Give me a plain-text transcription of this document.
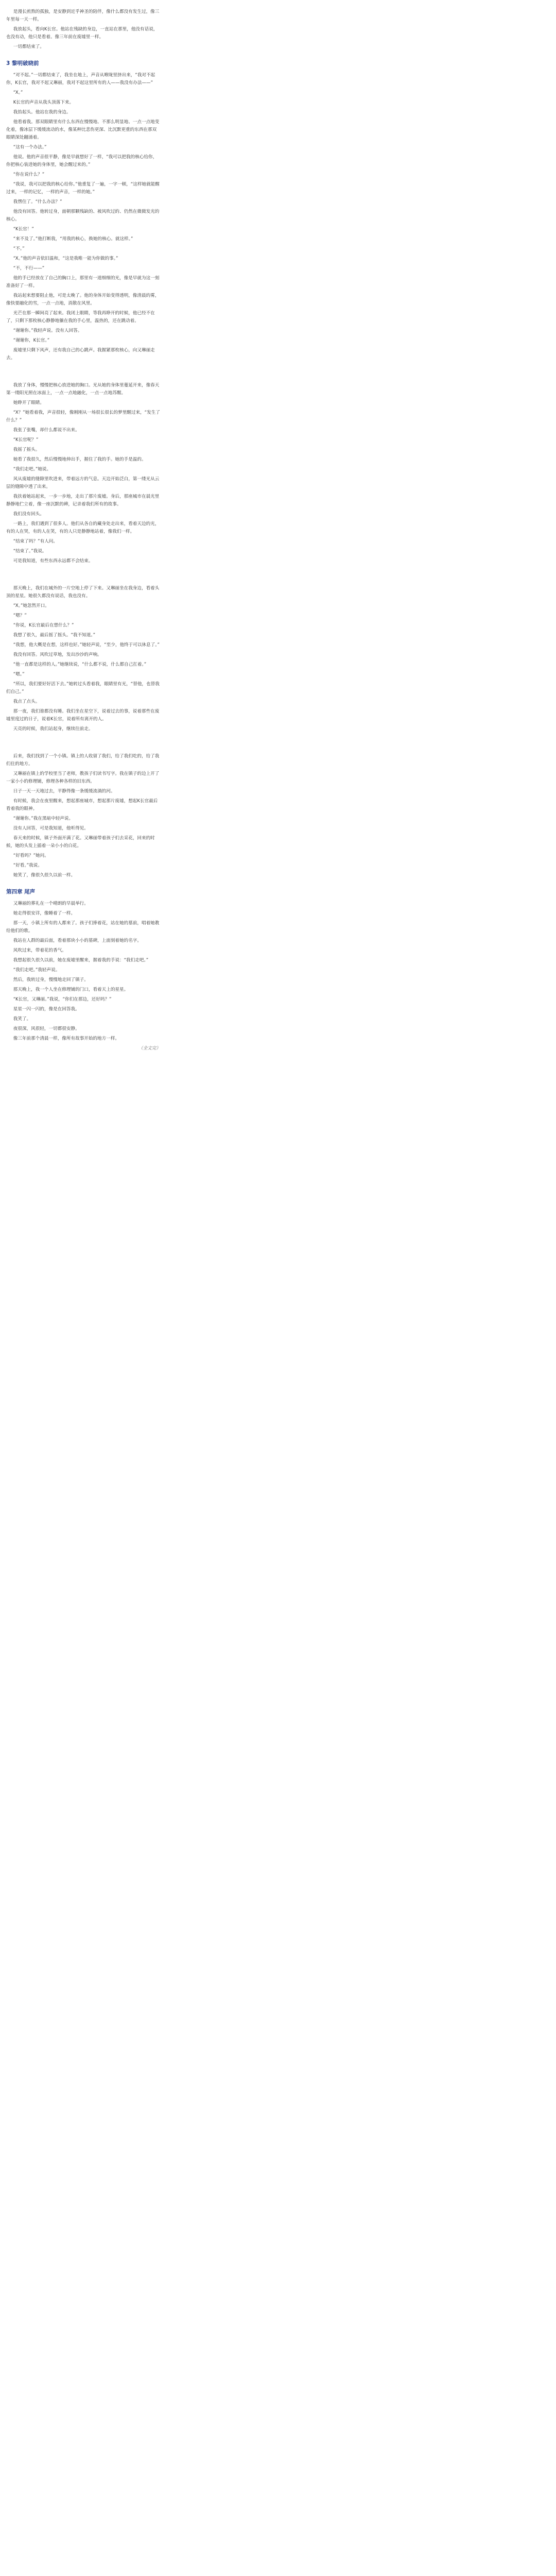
是漫长煎熬的孤独，是安静到近乎神圣的陪伴，像什么都没有发生过，像三年里每一天一样。

我放起头，看向K长官。他站在残缺的身边，一直站在那里，他没有话说，也没有动，他只是看着。像三年前在废墟里一样。

一切都结束了。

3 黎明破晓前

“对不起。”一切都结束了，我坐在地上，声音从喉咙里挤出来，“我对不起你，K长官，我对不起又琳丽，我对不起这里所有的人——我没有办法——”

“X。”

K长官的声音从我头顶落下来。

我抬起头。他站在我的身边。

他看着我。那双眼睛里有什么东西在慢慢地、不那么明显地、一点一点地变化着，像冰层下缓缓流动的水，像某种比悲伤更深、比沉默更重的东西在那双眼睛深处翻涌着。

“这有一个办法。”

他说。他的声音很平静，像是早就想好了一样，“我可以把我的核心给你，你把核心装进她的身体里，她会醒过来的。”

“你在说什么？”

“我说，我可以把我的核心给你。”他重复了一遍，一字一顿，“这样她就能醒过来，一样的记忆，一样的声音，一样的她。”

我愣住了。“什么办法？”

他没有回答。他转过身，面朝那颗残缺的、被风吹过的、仍然在微微发光的核心。

“K长官！”

“来不及了。”他打断我，“用我的核心，换她的核心。就这样。”

“不。”

“X。”他的声音依旧温和，“这是我唯一能为你做的事。”

“不，不行——”

他的手已经放在了自己的胸口上，那里有一道细细的光，像是早就为这一刻准备好了一样。

我站起来想要阻止他，可是太晚了。他的身体开始变得透明，像清晨的雾，像快要融化的雪，一点一点地，消散在风里。

光芒在那一瞬间亮了起来。我闭上眼睛，等我再睁开的时候，他已经不在了，只剩下那枚核心静静地躺在我的手心里，温热的，还在跳动着。

“谢谢你。”我轻声说。没有人回答。

“谢谢你，K长官。”

废墟里只剩下风声，还有我自己的心跳声。我握紧那枚核心，向又琳丽走去。

我放了身体，慢慢把核心放进她的胸口。光从她的身体里蔓延开来，像春天第一缕阳光照在冰面上，一点一点地融化，一点一点地苏醒。

她睁开了眼睛。

“X？”她看着我，声音很轻，像刚刚从一场很长很长的梦里醒过来，“发生了什么？”

我张了张嘴，却什么都说不出来。

“K长官呢？”

我摇了摇头。

她看了我很久，然后慢慢地伸出手，握住了我的手。她的手是温的。

“我们走吧。”她说。

风从废墟的缝隙里吹进来，带着远方的气息。天边开始泛白，第一缕光从云层的缝隙中透了出来。

我扶着她站起来，一步一步地，走出了那片废墟。身后，那座城市在晨光里静静地伫立着，像一座沉默的碑，记录着我们所有的故事。

我们没有回头。

一路上，我们遇到了很多人。他们从各自的藏身处走出来，看着天边的光，有的人在哭，有的人在笑，有的人只是静静地站着，像我们一样。

“结束了吗？”有人问。

“结束了。”我说。

可是我知道，有些东西永远都不会结束。

那天晚上，我们在城外的一片空地上停了下来。又琳丽坐在我身边，看着头顶的星星。她很久都没有说话，我也没有。

“X。”她忽然开口。

“嗯？”

“你说，K长官最后在想什么？”

我想了很久，最后摇了摇头。“我不知道。”

“我想，他大概是在想，这样也好。”她轻声说，“至少，他终于可以休息了。”

我没有回答。风吹过草地，发出沙沙的声响。

“他一直都是这样的人。”她继续说，“什么都不说，什么都自己扛着。”

“嗯。”

“所以，我们要好好活下去。”她转过头看着我，眼睛里有光，“替他，也替我们自己。”

我点了点头。

那一夜，我们谁都没有睡。我们坐在星空下，说着过去的事，说着那些在废墟里度过的日子，说着K长官，说着所有离开的人。

天亮的时候，我们站起身，继续往前走。

后来，我们找到了一个小镇。镇上的人收留了我们，给了我们吃的，给了我们住的地方。

又琳丽在镇上的学校里当了老师，教孩子们读书写字。我在镇子的边上开了一家小小的修理铺，修理各种各样的旧东西。

日子一天一天地过去，平静得像一条缓缓流淌的河。

有时候，我会在夜里醒来，想起那座城市，想起那片废墟，想起K长官最后看着我的眼神。

“谢谢你。”我在黑暗中轻声说。

没有人回答，可是我知道，他听得见。

春天来的时候，镇子外面开满了花。又琳丽带着孩子们去采花，回来的时候，她的头发上插着一朵小小的白花。

“好看吗？”她问。

“好看。”我说。

她笑了，像很久很久以前一样。

第四章 尾声

又琳丽的葬礼在一个晴朗的早晨举行。

她走得很安详，像睡着了一样。

那一天，小镇上所有的人都来了。孩子们捧着花，站在她的墓前，唱着她教给他们的歌。

我站在人群的最后面，看着那块小小的墓碑，上面刻着她的名字。

风吹过来，带着花的香气。

我想起很久很久以前，她在废墟里醒来，握着我的手说：“我们走吧。”

“我们走吧。”我轻声说。

然后，我转过身，慢慢地走回了镇子。

那天晚上，我一个人坐在修理铺的门口，看着天上的星星。

“K长官，又琳丽。”我说，“你们在那边，还好吗？”

星星一闪一闪的，像是在回答我。

我笑了。

夜很深，风很轻，一切都很安静。

像三年前那个清晨一样，像所有故事开始的地方一样。

（全文完）
